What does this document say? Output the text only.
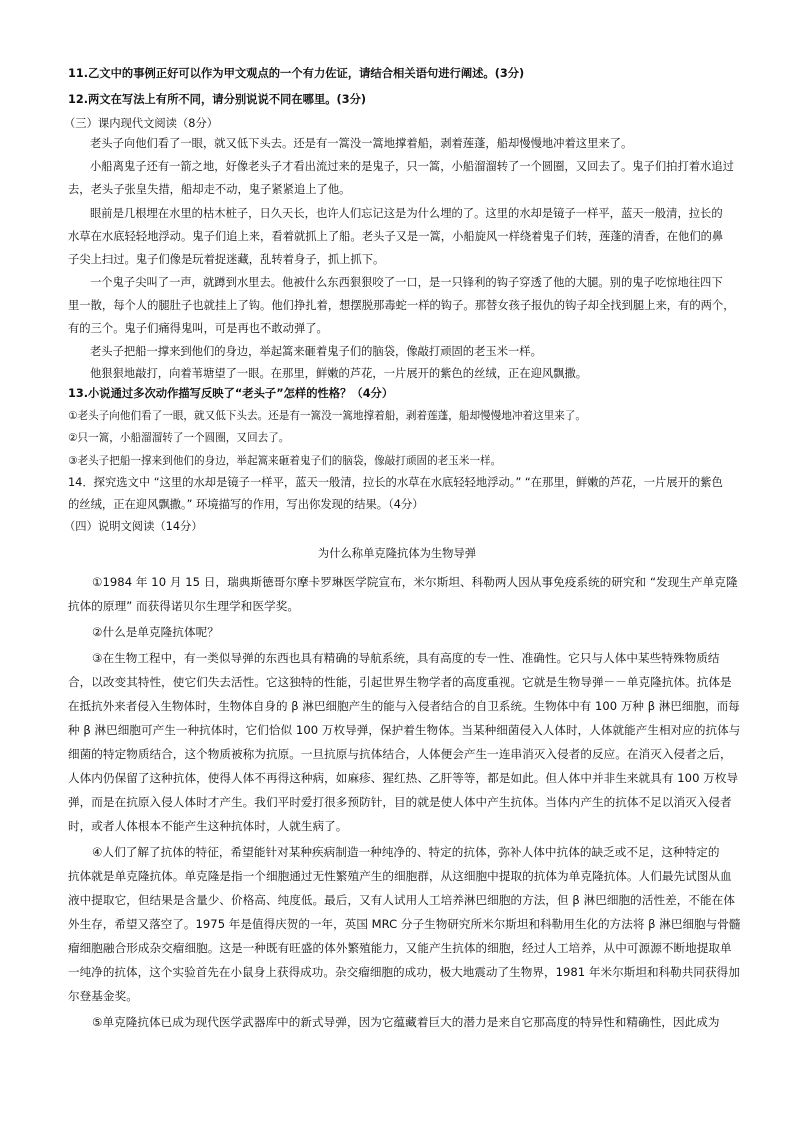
11.乙文中的事例正好可以作为甲文观点的一个有力佐证，请结合相关语句进行阐述。(3分)
12.两文在写法上有所不同，请分别说说不同在哪里。(3分)
（三）课内现代文阅读（8分）
老头子向他们看了一眼，就又低下头去。还是有一篙没一篙地撑着船，剥着莲蓬，船却慢慢地冲着这里来了。
小船离鬼子还有一箭之地，好像老头子才看出流过来的是鬼子，只一篙，小船溜溜转了一个圆圈，又回去了。鬼子们拍打着水追过
去，老头子张皇失措，船却走不动，鬼子紧紧追上了他。
眼前是几根埋在水里的枯木桩子，日久天长，也许人们忘记这是为什么埋的了。这里的水却是镜子一样平，蓝天一般清，拉长的
水草在水底轻轻地浮动。鬼子们追上来，看着就抓上了船。老头子又是一篙，小船旋风一样绕着鬼子们转，莲蓬的清香，在他们的鼻
子尖上扫过。鬼子们像是玩着捉迷藏，乱转着身子，抓上抓下。
一个鬼子尖叫了一声，就蹲到水里去。他被什么东西狠狠咬了一口，是一只锋利的钩子穿透了他的大腿。别的鬼子吃惊地往四下
里一散，每个人的腿肚子也就挂上了钩。他们挣扎着，想摆脱那毒蛇一样的钩子。那替女孩子报仇的钩子却全找到腿上来，有的两个，
有的三个。鬼子们痛得鬼叫，可是再也不敢动弹了。
老头子把船一撑来到他们的身边，举起篙来砸着鬼子们的脑袋，像敲打顽固的老玉米一样。
他狠狠地敲打，向着苇塘望了一眼。在那里，鲜嫩的芦花，一片展开的紫色的丝绒，正在迎风飘撒。
13.小说通过多次动作描写反映了“老头子”怎样的性格？（4分）
①老头子向他们看了一眼，就又低下头去。还是有一篙没一篙地撑着船，剥着莲蓬，船却慢慢地冲着这里来了。
②只一篙，小船溜溜转了一个圆圈，又回去了。
③老头子把船一撑来到他们的身边，举起篙来砸着鬼子们的脑袋，像敲打顽固的老玉米一样。
14．探究选文中 “这里的水却是镜子一样平，蓝天一般清，拉长的水草在水底轻轻地浮动。” “在那里，鲜嫩的芦花，一片展开的紫色
的丝绒，正在迎风飘撒。” 环境描写的作用，写出你发现的结果。（4分）
（四）说明文阅读（14分）
为什么称单克隆抗体为生物导弹
①1984 年 10 月 15 日，瑞典斯德哥尔摩卡罗琳医学院宣布，米尔斯坦、科勒两人因从事免疫系统的研究和 “发现生产单克隆
抗体的原理” 而获得诺贝尔生理学和医学奖。
②什么是单克隆抗体呢？
③在生物工程中，有一类似导弹的东西也具有精确的导航系统，具有高度的专一性、准确性。它只与人体中某些特殊物质结
合，以改变其特性，使它们失去活性。它这独特的性能，引起世界生物学者的高度重视。它就是生物导弹－－单克隆抗体。抗体是
在抵抗外来者侵入生物体时，生物体自身的 β 淋巴细胞产生的能与入侵者结合的自卫系统。生物体中有 100 万种 β 淋巴细胞，而每
种 β 淋巴细胞可产生一种抗体时，它们恰似 100 万枚导弹，保护着生物体。当某种细菌侵入人体时，人体就能产生相对应的抗体与
细菌的特定物质结合，这个物质被称为抗原。一旦抗原与抗体结合，人体便会产生一连串消灭入侵者的反应。在消灭入侵者之后，
人体内仍保留了这种抗体，使得人体不再得这种病，如麻疹、猩红热、乙肝等等，都是如此。但人体中并非生来就具有 100 万枚导
弹，而是在抗原入侵人体时才产生。我们平时爱打很多预防针，目的就是使人体中产生抗体。当体内产生的抗体不足以消灭入侵者
时，或者人体根本不能产生这种抗体时，人就生病了。
④人们了解了抗体的特征，希望能针对某种疾病制造一种纯净的、特定的抗体，弥补人体中抗体的缺乏或不足，这种特定的
抗体就是单克隆抗体。单克隆是指一个细胞通过无性繁殖产生的细胞群，从这细胞中提取的抗体为单克隆抗体。人们最先试图从血
液中提取它，但结果是含量少、价格高、纯度低。最后，又有人试用人工培养淋巴细胞的方法，但 β 淋巴细胞的活性差，不能在体
外生存，希望又落空了。1975 年是值得庆贺的一年，英国 MRC 分子生物研究所米尔斯坦和科勒用生化的方法将 β 淋巴细胞与骨髓
瘤细胞融合形成杂交瘤细胞。这是一种既有旺盛的体外繁殖能力，又能产生抗体的细胞，经过人工培养，从中可源源不断地提取单
一纯净的抗体，这个实验首先在小鼠身上获得成功。杂交瘤细胞的成功，极大地震动了生物界，1981 年米尔斯坦和科勒共同获得加
尔登基金奖。
⑤单克隆抗体已成为现代医学武器库中的新式导弹，因为它蕴藏着巨大的潜力是来自它那高度的特异性和精确性，因此成为
